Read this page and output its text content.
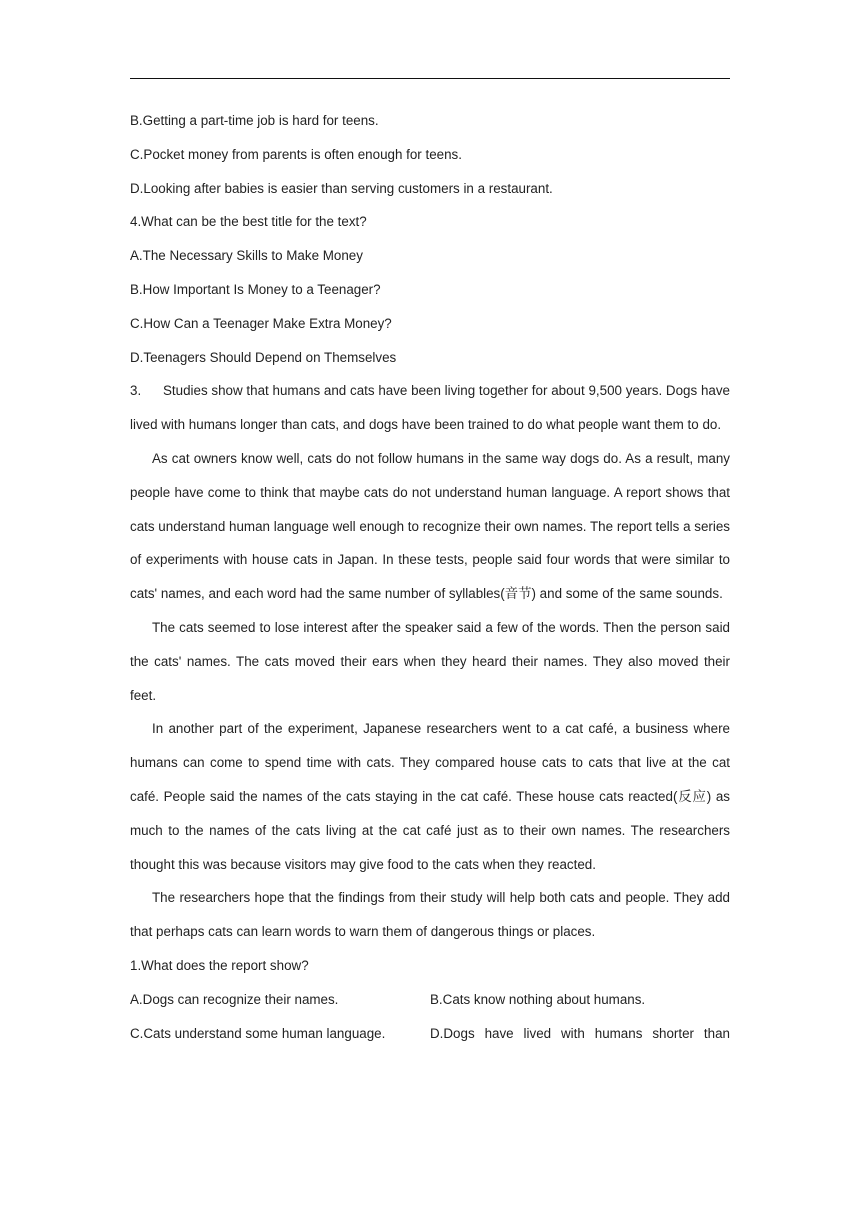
B.Getting a part-time job is hard for teens.

C.Pocket money from parents is often enough for teens.

D.Looking after babies is easier than serving customers in a restaurant.

4.What can be the best title for the text?

A.The Necessary Skills to Make Money

B.How Important Is Money to a Teenager?

C.How Can a Teenager Make Extra Money?

D.Teenagers Should Depend on Themselves

3. Studies show that humans and cats have been living together for about 9,500 years. Dogs have lived with humans longer than cats, and dogs have been trained to do what people want them to do.

As cat owners know well, cats do not follow humans in the same way dogs do. As a result, many people have come to think that maybe cats do not understand human language. A report shows that cats understand human language well enough to recognize their own names. The report tells a series of experiments with house cats in Japan. In these tests, people said four words that were similar to cats' names, and each word had the same number of syllables(音节) and some of the same sounds.

The cats seemed to lose interest after the speaker said a few of the words. Then the person said the cats' names. The cats moved their ears when they heard their names. They also moved their feet.

In another part of the experiment, Japanese researchers went to a cat café, a business where humans can come to spend time with cats. They compared house cats to cats that live at the cat café. People said the names of the cats staying in the cat café. These house cats reacted(反应) as much to the names of the cats living at the cat café just as to their own names. The researchers thought this was because visitors may give food to the cats when they reacted.

The researchers hope that the findings from their study will help both cats and people. They add that perhaps cats can learn words to warn them of dangerous things or places.

1.What does the report show?

A.Dogs can recognize their names.	B.Cats know nothing about humans.
C.Cats understand some human language.	D.Dogs have lived with humans shorter than
